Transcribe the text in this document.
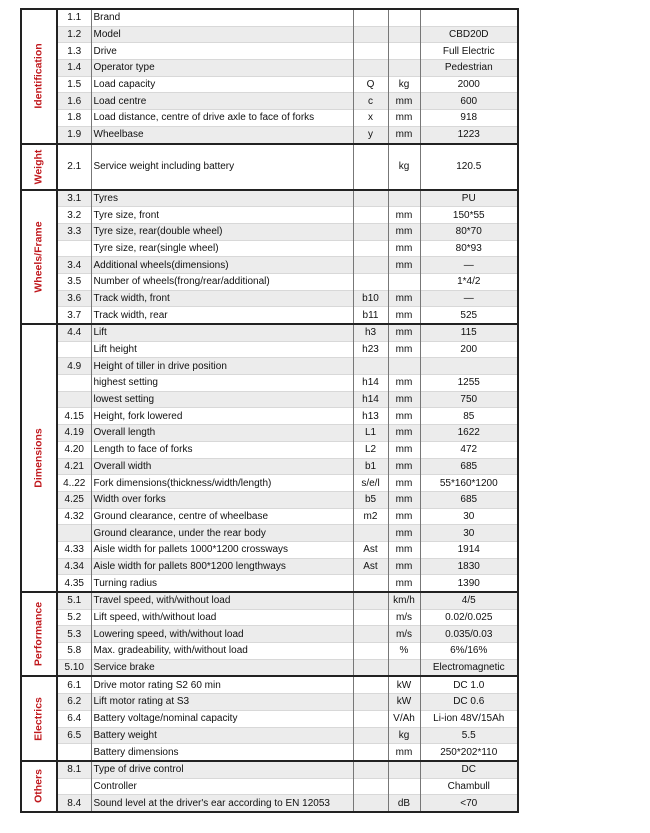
Identification	1.1	Brand			
	1.2	Model			CBD20D
	1.3	Drive			Full Electric
	1.4	Operator type			Pedestrian
	1.5	Load capacity	Q	kg	2000
	1.6	Load centre	c	mm	600
	1.8	Load distance, centre of drive axle to face of forks	x	mm	918
	1.9	Wheelbase	y	mm	1223

Weight	2.1	Service weight including battery		kg	120.5

Wheels/Frame	3.1	Tyres			PU
	3.2	Tyre size, front		mm	150*55
	3.3	Tyre size, rear(double wheel)		mm	80*70
		Tyre size, rear(single wheel)		mm	80*93
	3.4	Additional wheels(dimensions)		mm	—
	3.5	Number of wheels(frong/rear/additional)			1*4/2
	3.6	Track width, front	b10	mm	—
	3.7	Track width, rear	b11	mm	525

Dimensions	4.4	Lift	h3	mm	115
		Lift height	h23	mm	200
	4.9	Height of tiller in drive position			
		highest setting	h14	mm	1255
		lowest setting	h14	mm	750
	4.15	Height, fork lowered	h13	mm	85
	4.19	Overall length	L1	mm	1622
	4.20	Length to face of forks	L2	mm	472
	4.21	Overall width	b1	mm	685
	4..22	Fork dimensions(thickness/width/length)	s/e/l	mm	55*160*1200
	4.25	Width over forks	b5	mm	685
	4.32	Ground clearance, centre of wheelbase	m2	mm	30
		Ground clearance, under the rear body		mm	30
	4.33	Aisle width for pallets 1000*1200 crossways	Ast	mm	1914
	4.34	Aisle width for pallets 800*1200 lengthways	Ast	mm	1830
	4.35	Turning radius		mm	1390

Performance	5.1	Travel speed, with/without load		km/h	4/5
	5.2	Lift speed, with/without load		m/s	0.02/0.025
	5.3	Lowering speed, with/without load		m/s	0.035/0.03
	5.8	Max. gradeability, with/without load		%	6%/16%
	5.10	Service brake			Electromagnetic

Electrics	6.1	Drive motor rating S2 60 min		kW	DC 1.0
	6.2	Lift motor rating at S3		kW	DC 0.6
	6.4	Battery voltage/nominal capacity		V/Ah	Li-ion 48V/15Ah
	6.5	Battery weight		kg	5.5
		Battery dimensions		mm	250*202*110

Others	8.1	Type of drive control			DC
		Controller			Chambull
	8.4	Sound level at the driver's ear according to EN 12053		dB	<70
